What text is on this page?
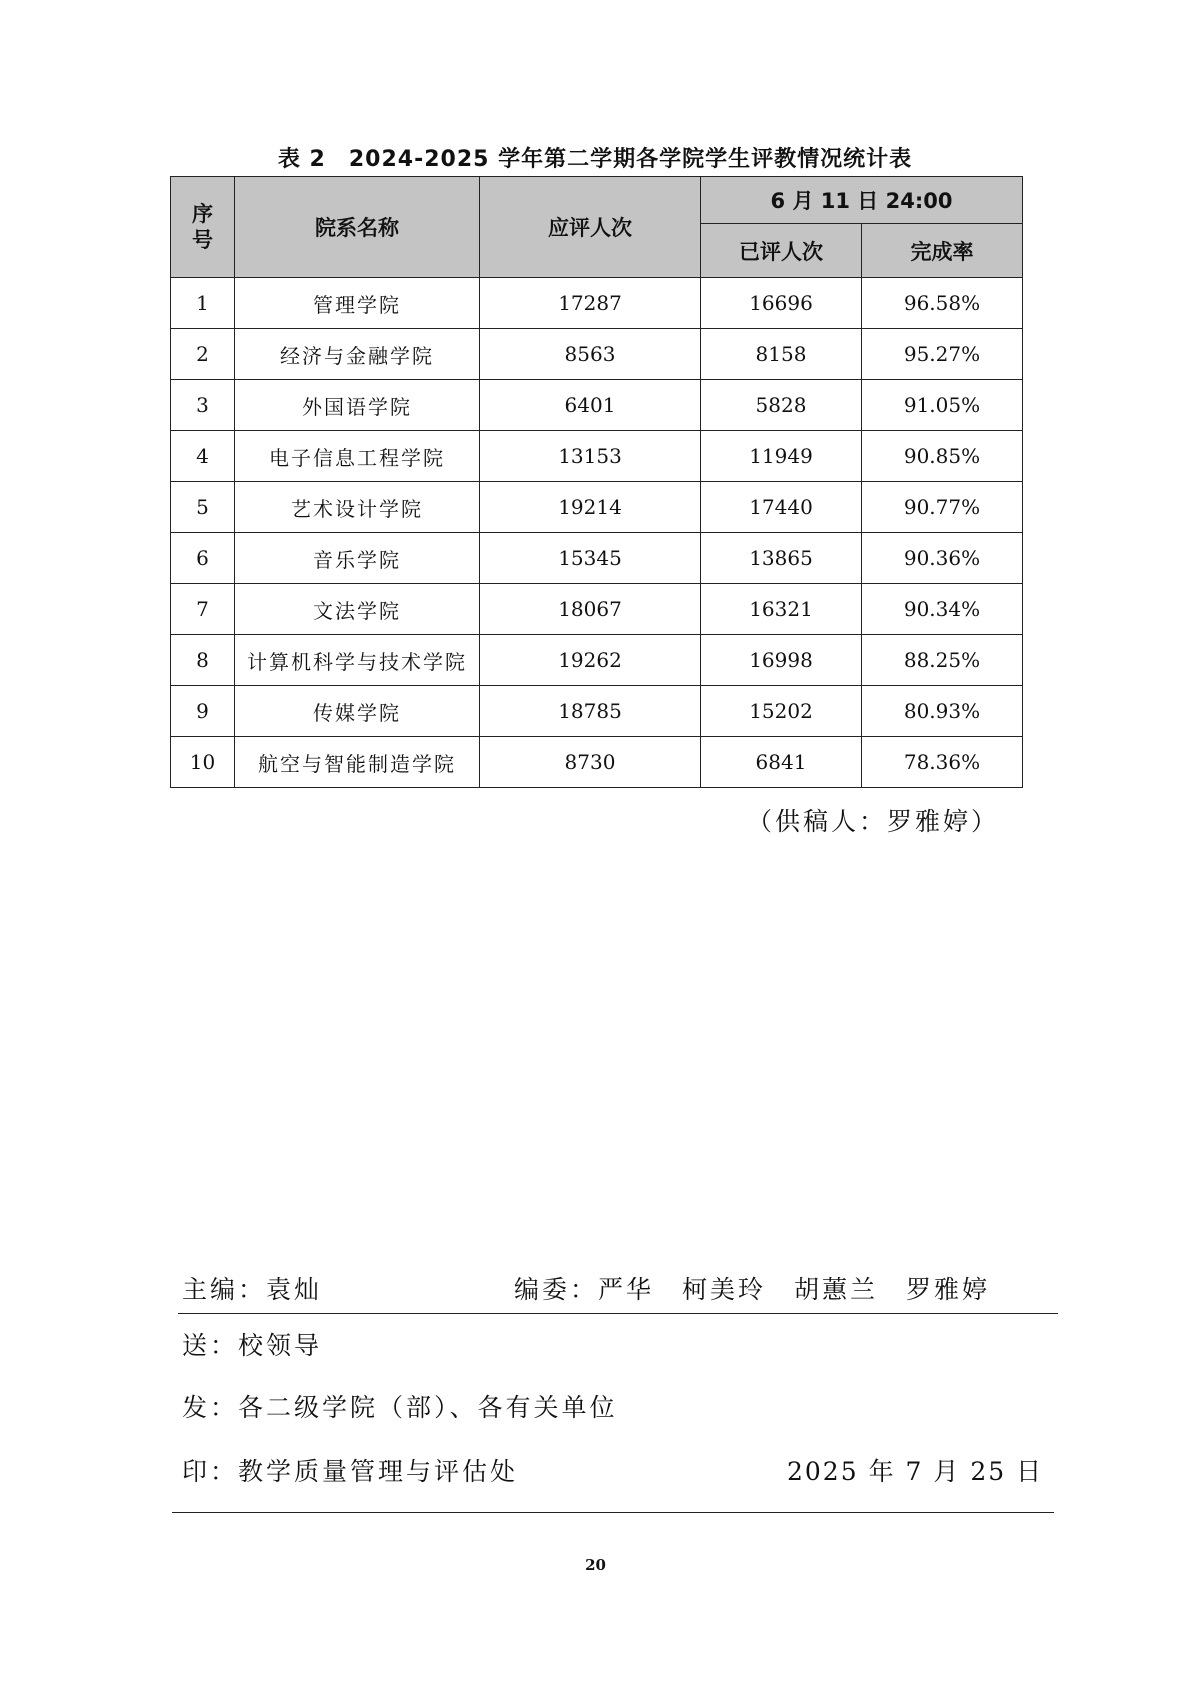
表 2　2024-2025 学年第二学期各学院学生评教情况统计表
序号	院系名称	应评人次	6 月 11 日 24:00	
			已评人次	完成率
1	管理学院	17287	16696	96.58%
2	经济与金融学院	8563	8158	95.27%
3	外国语学院	6401	5828	91.05%
4	电子信息工程学院	13153	11949	90.85%
5	艺术设计学院	19214	17440	90.77%
6	音乐学院	15345	13865	90.36%
7	文法学院	18067	16321	90.34%
8	计算机科学与技术学院	19262	16998	88.25%
9	传媒学院	18785	15202	80.93%
10	航空与智能制造学院	8730	6841	78.36%
（供稿人：罗雅婷）
主编：袁灿	编委：严华　柯美玲　胡蕙兰　罗雅婷
送：校领导
发：各二级学院（部）、各有关单位
印：教学质量管理与评估处	2025 年 7 月 25 日
20
